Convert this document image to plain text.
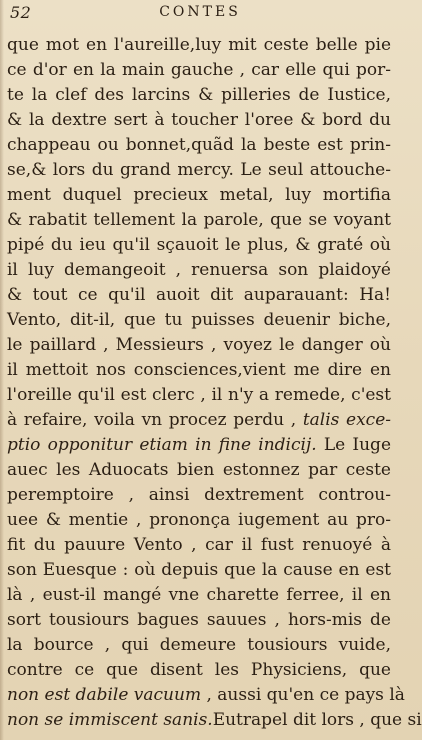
52	CONTES
que mot en l'aureille,luy mit ceste belle pie
ce d'or en la main gauche , car elle qui por-
te la clef des larcins & pilleries de Iustice,
& la dextre sert à toucher l'oree & bord du
chappeau ou bonnet,quãd la beste est prin-
se,& lors du grand mercy. Le seul attouche-
ment duquel precieux metal, luy mortifia
& rabatit tellement la parole, que se voyant
pipé du ieu qu'il sçauoit le plus, & graté où
il luy demangeoit , renuersa son plaidoyé
& tout ce qu'il auoit dit auparauant: Ha!
Vento, dit-il, que tu puisses deuenir biche,
le paillard , Messieurs , voyez le danger où
il mettoit nos consciences,vient me dire en
l'oreille qu'il est clerc , il n'y a remede, c'est
à refaire, voila vn procez perdu , talis exce-
ptio opponitur etiam in fine indicij. Le Iuge
auec les Aduocats bien estonnez par ceste
peremptoire , ainsi dextrement controu-
uee & mentie , prononça iugement au pro-
fit du pauure Vento , car il fust renuoyé à
son Euesque : où depuis que la cause en est
là , eust-il mangé vne charette ferree, il en
sort tousiours bagues sauues , hors-mis de
la bource , qui demeure tousiours vuide,
contre ce que disent les Physiciens, que
non est dabile vacuum , aussi qu'en ce pays là
non se immiscent sanis.Eutrapel dit lors , que si
